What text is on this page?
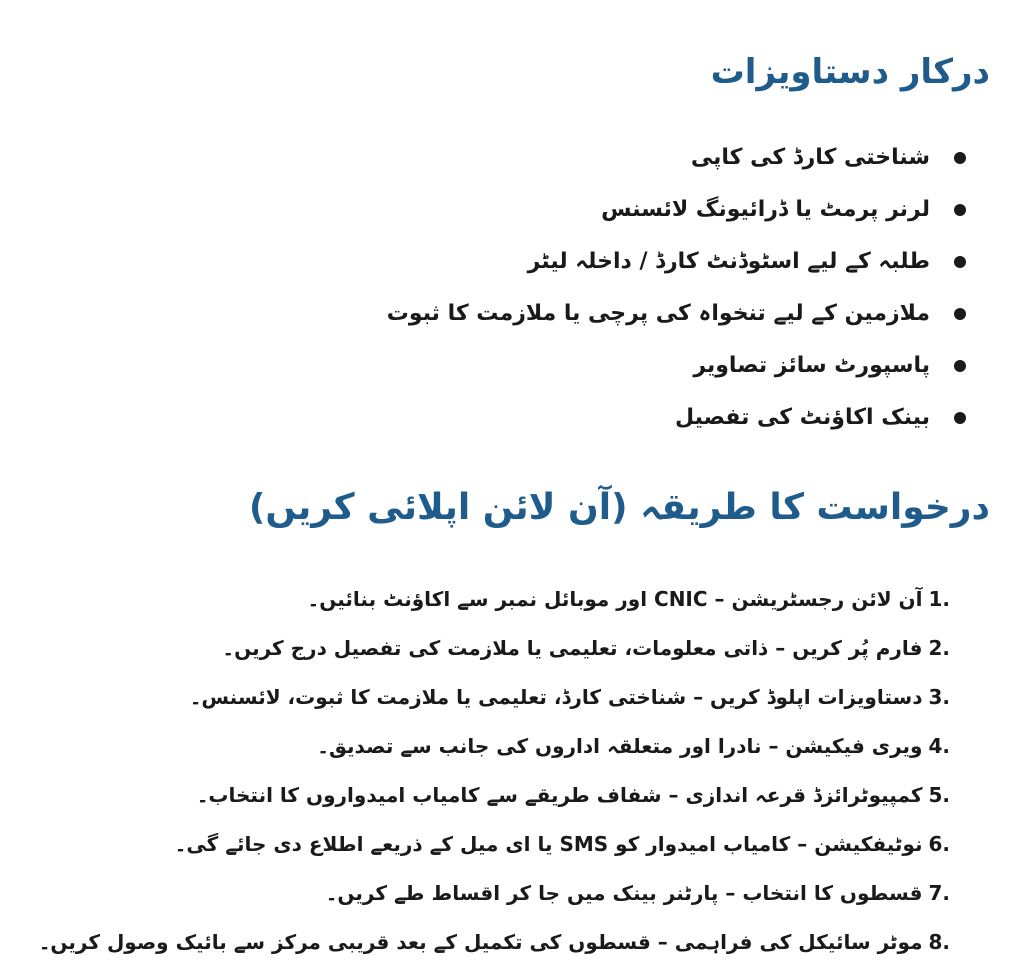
درکار دستاویزات
شناختی کارڈ کی کاپی
لرنر پرمٹ یا ڈرائیونگ لائسنس
طلبہ کے لیے اسٹوڈنٹ کارڈ / داخلہ لیٹر
ملازمین کے لیے تنخواہ کی پرچی یا ملازمت کا ثبوت
پاسپورٹ سائز تصاویر
بینک اکاؤنٹ کی تفصیل
درخواست کا طریقہ (آن لائن اپلائی کریں)
1.آن لائن رجسٹریشن – CNIC اور موبائل نمبر سے اکاؤنٹ بنائیں۔
2.فارم پُر کریں – ذاتی معلومات، تعلیمی یا ملازمت کی تفصیل درج کریں۔
3.دستاویزات اپلوڈ کریں – شناختی کارڈ، تعلیمی یا ملازمت کا ثبوت، لائسنس۔
4.ویری فیکیشن – نادرا اور متعلقہ اداروں کی جانب سے تصدیق۔
5.کمپیوٹرائزڈ قرعہ اندازی – شفاف طریقے سے کامیاب امیدواروں کا انتخاب۔
6.نوٹیفکیشن – کامیاب امیدوار کو SMS یا ای میل کے ذریعے اطلاع دی جائے گی۔
7.قسطوں کا انتخاب – پارٹنر بینک میں جا کر اقساط طے کریں۔
8.موٹر سائیکل کی فراہمی – قسطوں کی تکمیل کے بعد قریبی مرکز سے بائیک وصول کریں۔
